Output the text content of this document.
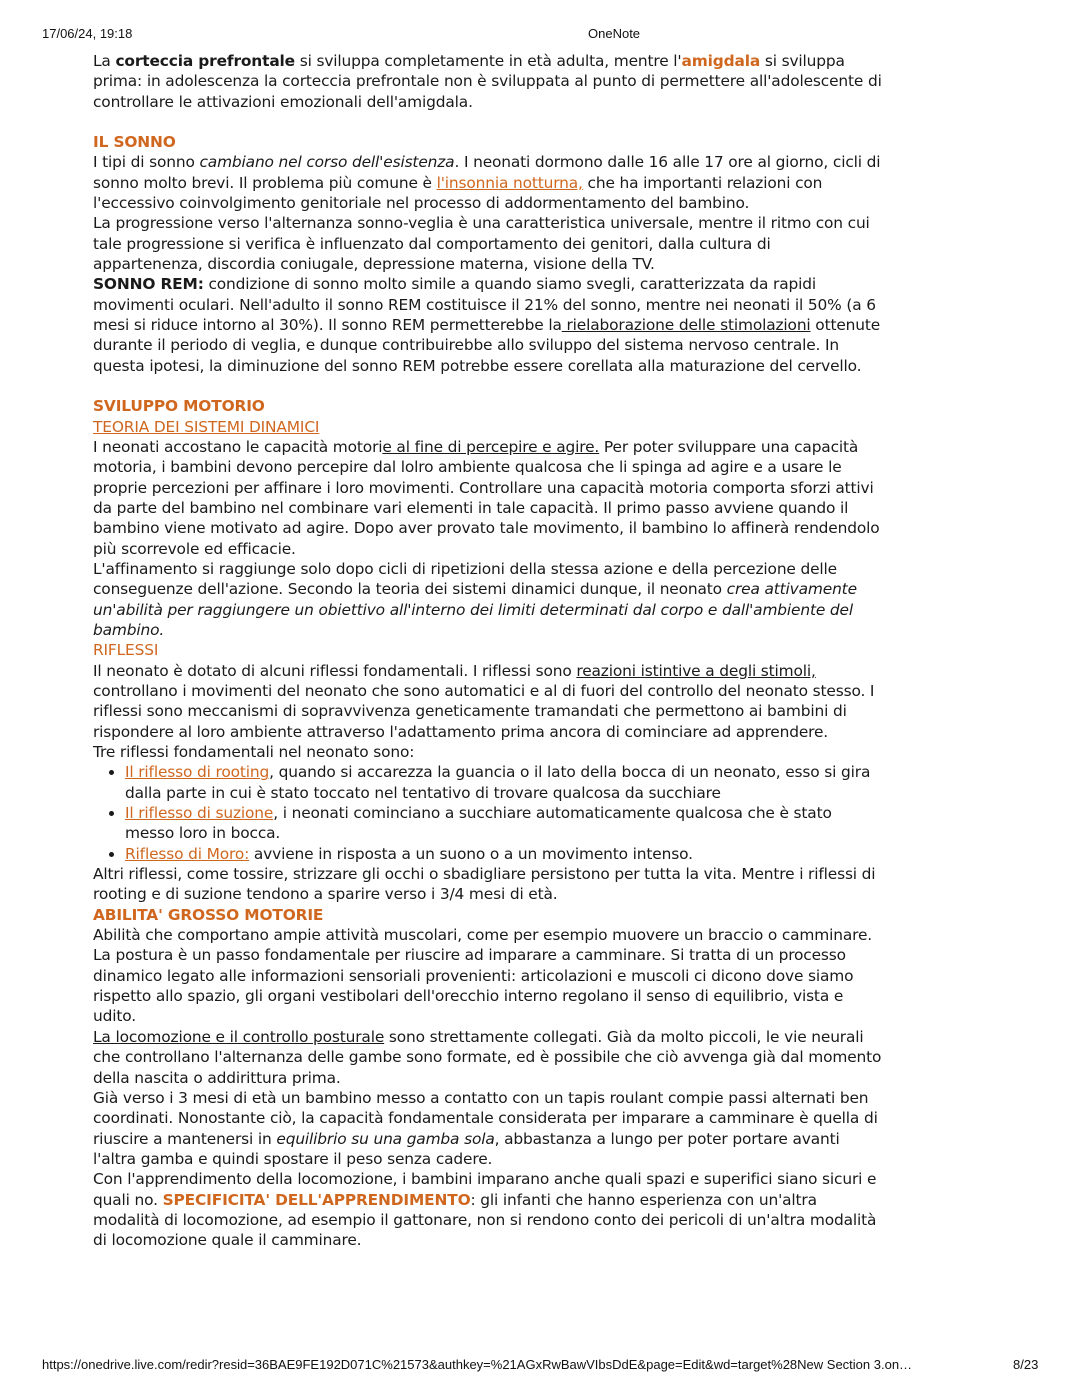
17/06/24, 19:18	OneNote

La corteccia prefrontale si sviluppa completamente in età adulta, mentre l'amigdala si sviluppa prima: in adolescenza la corteccia prefrontale non è sviluppata al punto di permettere all'adolescente di controllare le attivazioni emozionali dell'amigdala.

IL SONNO

I tipi di sonno cambiano nel corso dell'esistenza. I neonati dormono dalle 16 alle 17 ore al giorno, cicli di sonno molto brevi. Il problema più comune è l'insonnia notturna, che ha importanti relazioni con l'eccessivo coinvolgimento genitoriale nel processo di addormentamento del bambino.

La progressione verso l'alternanza sonno-veglia è una caratteristica universale, mentre il ritmo con cui tale progressione si verifica è influenzato dal comportamento dei genitori, dalla cultura di appartenenza, discordia coniugale, depressione materna, visione della TV.

SONNO REM: condizione di sonno molto simile a quando siamo svegli, caratterizzata da rapidi movimenti oculari. Nell'adulto il sonno REM costituisce il 21% del sonno, mentre nei neonati il 50% (a 6 mesi si riduce intorno al 30%). Il sonno REM permetterebbe la rielaborazione delle stimolazioni ottenute durante il periodo di veglia, e dunque contribuirebbe allo sviluppo del sistema nervoso centrale. In questa ipotesi, la diminuzione del sonno REM potrebbe essere corellata alla maturazione del cervello.

SVILUPPO MOTORIO

TEORIA DEI SISTEMI DINAMICI

I neonati accostano le capacità motorie al fine di percepire e agire. Per poter sviluppare una capacità motoria, i bambini devono percepire dal lolro ambiente qualcosa che li spinga ad agire e a usare le proprie percezioni per affinare i loro movimenti. Controllare una capacità motoria comporta sforzi attivi da parte del bambino nel combinare vari elementi in tale capacità. Il primo passo avviene quando il bambino viene motivato ad agire. Dopo aver provato tale movimento, il bambino lo affinerà rendendolo più scorrevole ed efficacie.

L'affinamento si raggiunge solo dopo cicli di ripetizioni della stessa azione e della percezione delle conseguenze dell'azione. Secondo la teoria dei sistemi dinamici dunque, il neonato crea attivamente un'abilità per raggiungere un obiettivo all'interno dei limiti determinati dal corpo e dall'ambiente del bambino.

RIFLESSI

Il neonato è dotato di alcuni riflessi fondamentali. I riflessi sono reazioni istintive a degli stimoli, controllano i movimenti del neonato che sono automatici e al di fuori del controllo del neonato stesso. I riflessi sono meccanismi di sopravvivenza geneticamente tramandati che permettono ai bambini di rispondere al loro ambiente attraverso l'adattamento prima ancora di cominciare ad apprendere.

Tre riflessi fondamentali nel neonato sono:

• Il riflesso di rooting, quando si accarezza la guancia o il lato della bocca di un neonato, esso si gira dalla parte in cui è stato toccato nel tentativo di trovare qualcosa da succhiare
• Il riflesso di suzione, i neonati cominciano a succhiare automaticamente qualcosa che è stato messo loro in bocca.
• Riflesso di Moro: avviene in risposta a un suono o a un movimento intenso.

Altri riflessi, come tossire, strizzare gli occhi o sbadigliare persistono per tutta la vita. Mentre i riflessi di rooting e di suzione tendono a sparire verso i 3/4 mesi di età.

ABILITA' GROSSO MOTORIE

Abilità che comportano ampie attività muscolari, come per esempio muovere un braccio o camminare.

La postura è un passo fondamentale per riuscire ad imparare a camminare. Si tratta di un processo dinamico legato alle informazioni sensoriali provenienti: articolazioni e muscoli ci dicono dove siamo rispetto allo spazio, gli organi vestibolari dell'orecchio interno regolano il senso di equilibrio, vista e udito.

La locomozione e il controllo posturale sono strettamente collegati. Già da molto piccoli, le vie neurali che controllano l'alternanza delle gambe sono formate, ed è possibile che ciò avvenga già dal momento della nascita o addirittura prima.

Già verso i 3 mesi di età un bambino messo a contatto con un tapis roulant compie passi alternati ben coordinati. Nonostante ciò, la capacità fondamentale considerata per imparare a camminare è quella di riuscire a mantenersi in equilibrio su una gamba sola, abbastanza a lungo per poter portare avanti l'altra gamba e quindi spostare il peso senza cadere.

Con l'apprendimento della locomozione, i bambini imparano anche quali spazi e superifici siano sicuri e quali no. SPECIFICITA' DELL'APPRENDIMENTO: gli infanti che hanno esperienza con un'altra modalità di locomozione, ad esempio il gattonare, non si rendono conto dei pericoli di un'altra modalità di locomozione quale il camminare.

https://onedrive.live.com/redir?resid=36BAE9FE192D071C%21573&authkey=%21AGxRwBawVIbsDdE&page=Edit&wd=target%28New Section 3.on…	8/23
